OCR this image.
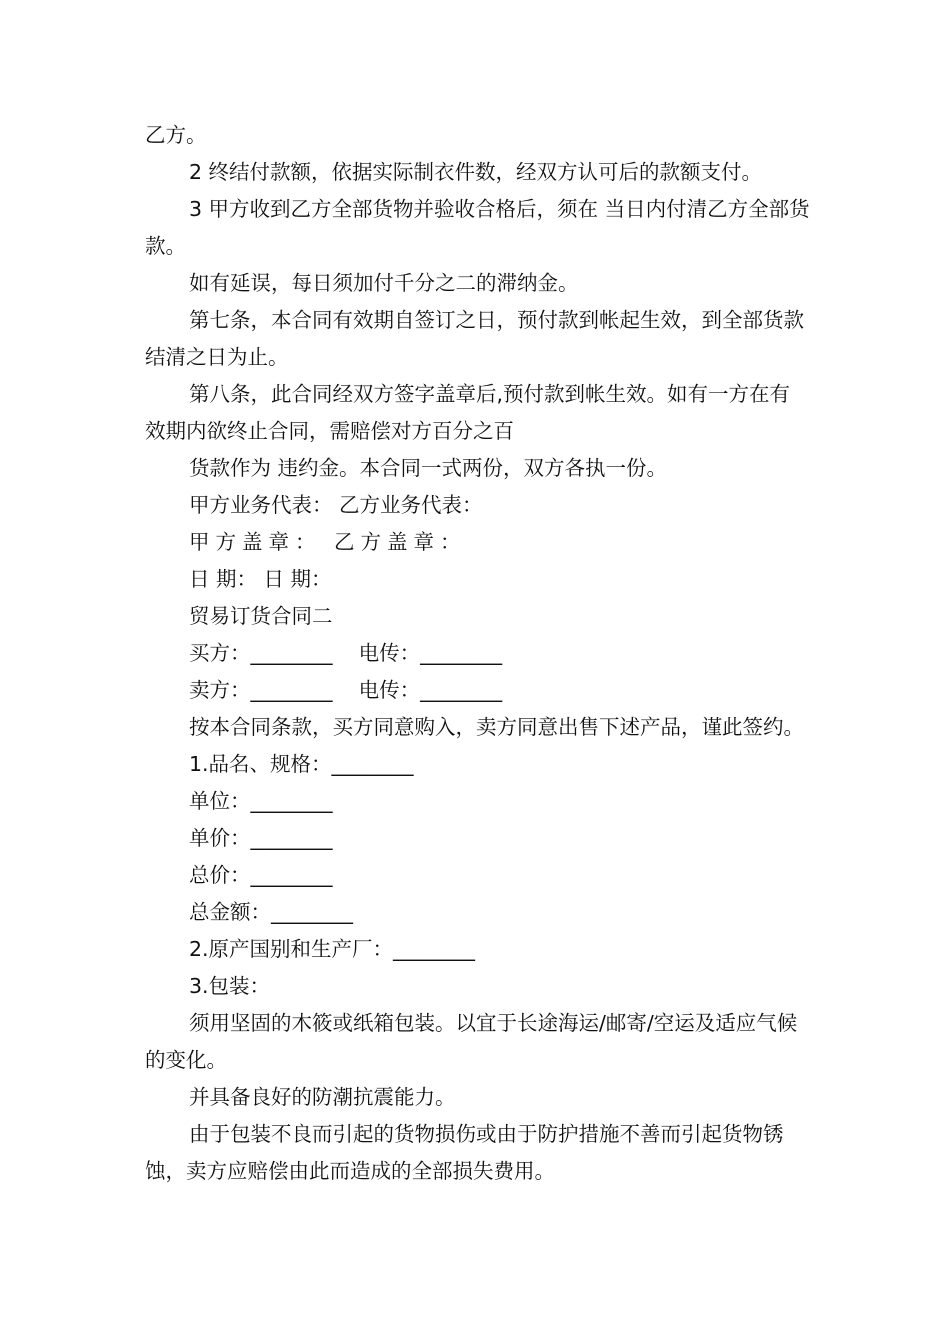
乙方。

2 终结付款额，依据实际制衣件数，经双方认可后的款额支付。

3 甲方收到乙方全部货物并验收合格后，须在 当日内付清乙方全部货款。

如有延误，每日须加付千分之二的滞纳金。

第七条，本合同有效期自签订之日，预付款到帐起生效，到全部货款结清之日为止。

第八条，此合同经双方签字盖章后,预付款到帐生效。如有一方在有效期内欲终止合同，需赔偿对方百分之百

货款作为 违约金。本合同一式两份，双方各执一份。

甲方业务代表： 乙方业务代表：

甲方盖章： 乙方盖章：

日 期： 日 期：

贸易订货合同二

买方：________    电传：________

卖方：________    电传：________

按本合同条款，买方同意购入，卖方同意出售下述产品，谨此签约。

1.品名、规格：________

单位：________

单价：________

总价：________

总金额：________

2.原产国别和生产厂：________

3.包装：

须用坚固的木筱或纸箱包装。以宜于长途海运/邮寄/空运及适应气候的变化。

并具备良好的防潮抗震能力。

由于包装不良而引起的货物损伤或由于防护措施不善而引起货物锈蚀，卖方应赔偿由此而造成的全部损失费用。
